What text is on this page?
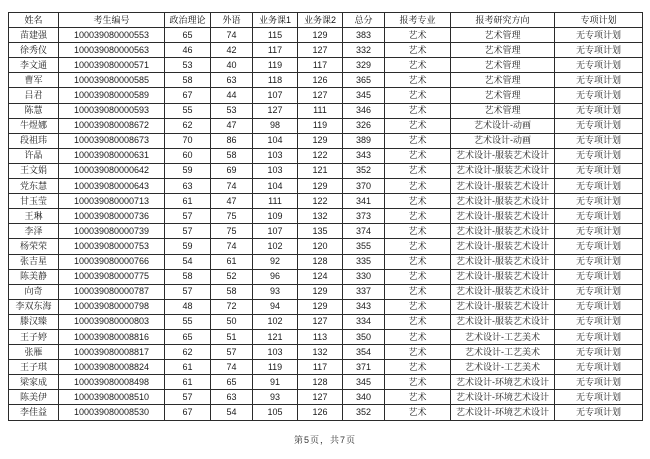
姓名	考生编号	政治理论	外语	业务课1	业务课2	总分	报考专业	报考研究方向	专项计划
苗建强	100039080000553	65	74	115	129	383	艺术	艺术管理	无专项计划
徐秀仪	100039080000563	46	42	117	127	332	艺术	艺术管理	无专项计划
李文通	100039080000571	53	40	119	117	329	艺术	艺术管理	无专项计划
曹军	100039080000585	58	63	118	126	365	艺术	艺术管理	无专项计划
吕君	100039080000589	67	44	107	127	345	艺术	艺术管理	无专项计划
陈慧	100039080000593	55	53	127	111	346	艺术	艺术管理	无专项计划
牛煜娜	100039080008672	62	47	98	119	326	艺术	艺术设计-动画	无专项计划
段祖玮	100039080008673	70	86	104	129	389	艺术	艺术设计-动画	无专项计划
许晶	100039080000631	60	58	103	122	343	艺术	艺术设计-服装艺术设计	无专项计划
王文娟	100039080000642	59	69	103	121	352	艺术	艺术设计-服装艺术设计	无专项计划
党东慧	100039080000643	63	74	104	129	370	艺术	艺术设计-服装艺术设计	无专项计划
甘玉莹	100039080000713	61	47	111	122	341	艺术	艺术设计-服装艺术设计	无专项计划
王琳	100039080000736	57	75	109	132	373	艺术	艺术设计-服装艺术设计	无专项计划
李泽	100039080000739	57	75	107	135	374	艺术	艺术设计-服装艺术设计	无专项计划
杨荣荣	100039080000753	59	74	102	120	355	艺术	艺术设计-服装艺术设计	无专项计划
张吉星	100039080000766	54	61	92	128	335	艺术	艺术设计-服装艺术设计	无专项计划
陈美静	100039080000775	58	52	96	124	330	艺术	艺术设计-服装艺术设计	无专项计划
向奇	100039080000787	57	58	93	129	337	艺术	艺术设计-服装艺术设计	无专项计划
李双东海	100039080000798	48	72	94	129	343	艺术	艺术设计-服装艺术设计	无专项计划
滕汉臻	100039080000803	55	50	102	127	334	艺术	艺术设计-服装艺术设计	无专项计划
王子婷	100039080008816	65	51	121	113	350	艺术	艺术设计-工艺美术	无专项计划
张雁	100039080008817	62	57	103	132	354	艺术	艺术设计-工艺美术	无专项计划
王子琪	100039080008824	61	74	119	117	371	艺术	艺术设计-工艺美术	无专项计划
梁家成	100039080008498	61	65	91	128	345	艺术	艺术设计-环境艺术设计	无专项计划
陈美伊	100039080008510	57	63	93	127	340	艺术	艺术设计-环境艺术设计	无专项计划
李佳益	100039080008530	67	54	105	126	352	艺术	艺术设计-环境艺术设计	无专项计划
第5页，共7页
